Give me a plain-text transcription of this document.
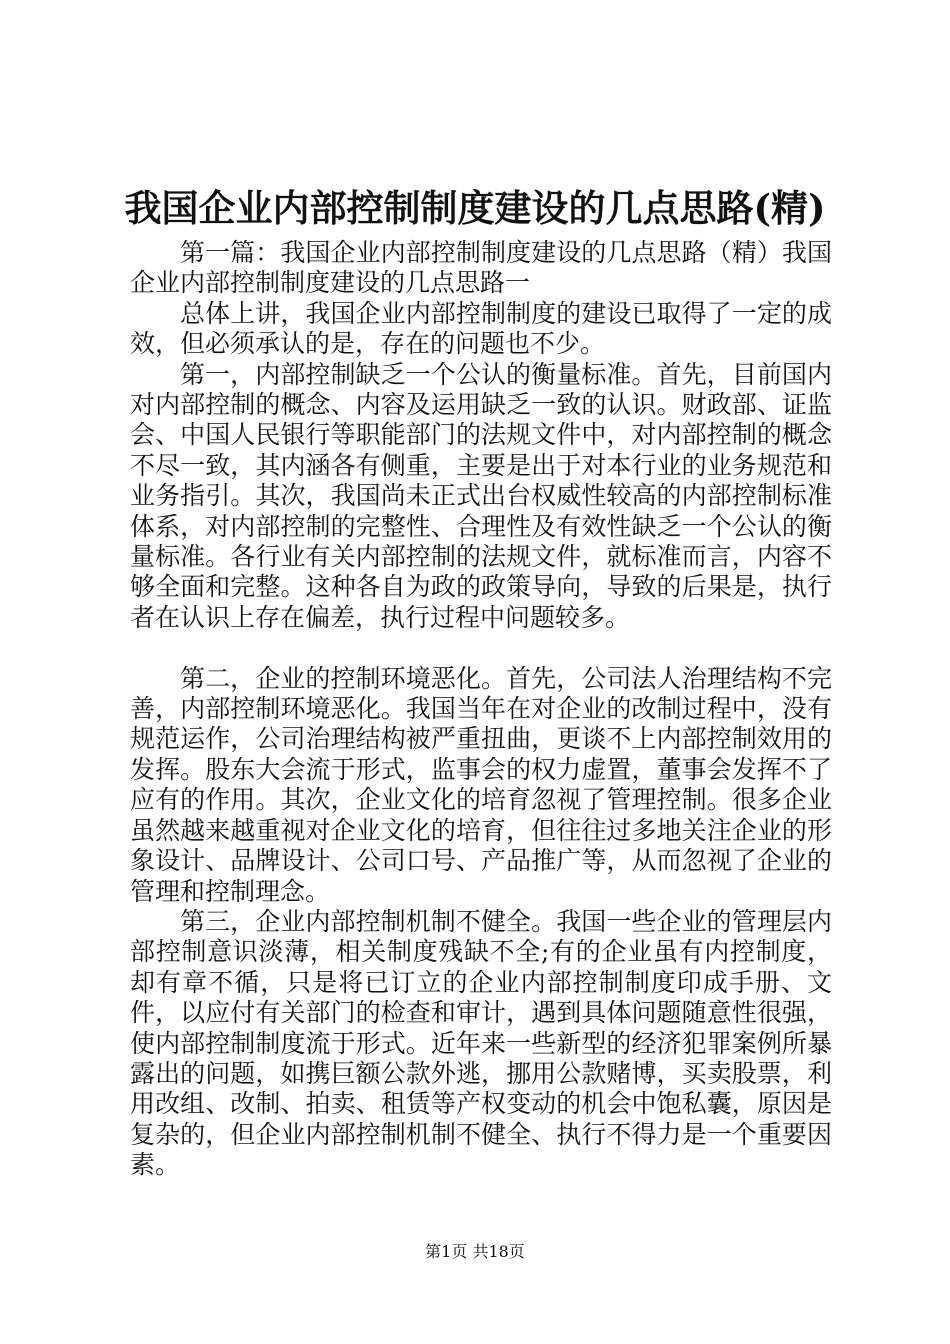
我国企业内部控制制度建设的几点思路(精)

第一篇：我国企业内部控制制度建设的几点思路（精）我国企业内部控制制度建设的几点思路一

总体上讲，我国企业内部控制制度的建设已取得了一定的成效，但必须承认的是，存在的问题也不少。

第一，内部控制缺乏一个公认的衡量标准。首先，目前国内对内部控制的概念、内容及运用缺乏一致的认识。财政部、证监会、中国人民银行等职能部门的法规文件中，对内部控制的概念不尽一致，其内涵各有侧重，主要是出于对本行业的业务规范和业务指引。其次，我国尚未正式出台权威性较高的内部控制标准体系，对内部控制的完整性、合理性及有效性缺乏一个公认的衡量标准。各行业有关内部控制的法规文件，就标准而言，内容不够全面和完整。这种各自为政的政策导向，导致的后果是，执行者在认识上存在偏差，执行过程中问题较多。

第二，企业的控制环境恶化。首先，公司法人治理结构不完善，内部控制环境恶化。我国当年在对企业的改制过程中，没有规范运作，公司治理结构被严重扭曲，更谈不上内部控制效用的发挥。股东大会流于形式，监事会的权力虚置，董事会发挥不了应有的作用。其次，企业文化的培育忽视了管理控制。很多企业虽然越来越重视对企业文化的培育，但往往过多地关注企业的形象设计、品牌设计、公司口号、产品推广等，从而忽视了企业的管理和控制理念。

第三，企业内部控制机制不健全。我国一些企业的管理层内部控制意识淡薄，相关制度残缺不全;有的企业虽有内控制度，却有章不循，只是将已订立的企业内部控制制度印成手册、文件，以应付有关部门的检查和审计，遇到具体问题随意性很强，使内部控制制度流于形式。近年来一些新型的经济犯罪案例所暴露出的问题，如携巨额公款外逃，挪用公款赌博，买卖股票，利用改组、改制、拍卖、租赁等产权变动的机会中饱私囊，原因是复杂的，但企业内部控制机制不健全、执行不得力是一个重要因素。

第1页 共18页
